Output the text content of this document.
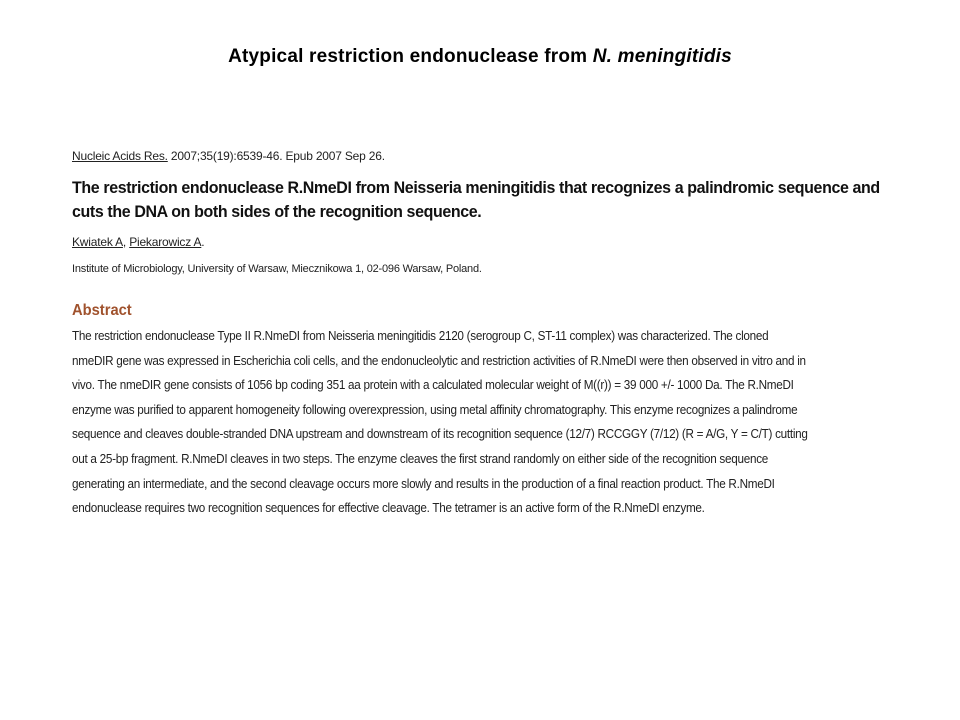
Atypical restriction endonuclease from N. meningitidis
Nucleic Acids Res. 2007;35(19):6539-46. Epub 2007 Sep 26.
The restriction endonuclease R.NmeDI from Neisseria meningitidis that recognizes a palindromic sequence and cuts the DNA on both sides of the recognition sequence.
Kwiatek A, Piekarowicz A.
Institute of Microbiology, University of Warsaw, Miecznikowa 1, 02-096 Warsaw, Poland.
Abstract
The restriction endonuclease Type II R.NmeDI from Neisseria meningitidis 2120 (serogroup C, ST-11 complex) was characterized. The cloned
nmeDIR gene was expressed in Escherichia coli cells, and the endonucleolytic and restriction activities of R.NmeDI were then observed in vitro and in
vivo. The nmeDIR gene consists of 1056 bp coding 351 aa protein with a calculated molecular weight of M((r)) = 39 000 +/- 1000 Da. The R.NmeDI
enzyme was purified to apparent homogeneity following overexpression, using metal affinity chromatography. This enzyme recognizes a palindrome
sequence and cleaves double-stranded DNA upstream and downstream of its recognition sequence (12/7) RCCGGY (7/12) (R = A/G, Y = C/T) cutting
out a 25-bp fragment. R.NmeDI cleaves in two steps. The enzyme cleaves the first strand randomly on either side of the recognition sequence
generating an intermediate, and the second cleavage occurs more slowly and results in the production of a final reaction product. The R.NmeDI
endonuclease requires two recognition sequences for effective cleavage. The tetramer is an active form of the R.NmeDI enzyme.
